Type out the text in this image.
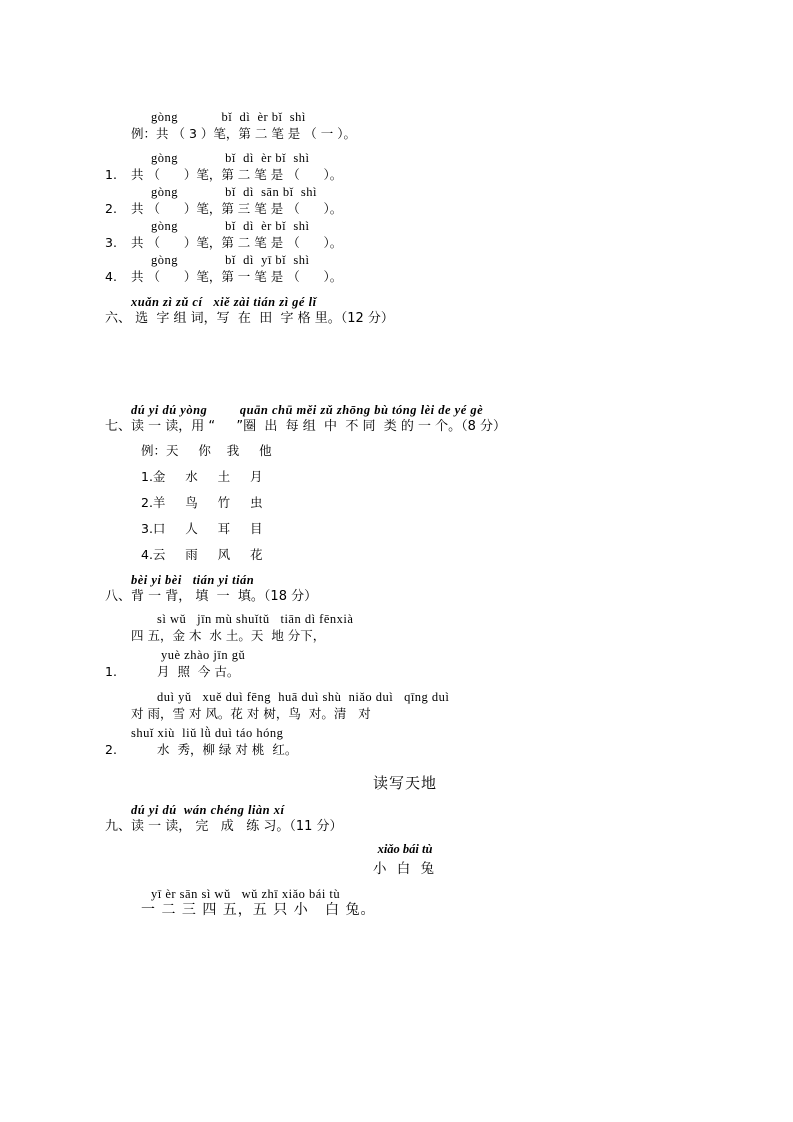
gòng            bǐ  dì  èr bǐ  shì
例：共 （ 3 ）笔，第 二 笔 是 （ 一 ）。
gòng             bǐ  dì  èr bǐ  shì
1.	共 （      ）笔，第 二 笔 是 （      ）。
gòng             bǐ  dì  sān bǐ  shì
2.	共 （      ）笔，第 三 笔 是 （      ）。
gòng             bǐ  dì  èr bǐ  shì
3.	共 （      ）笔，第 二 笔 是 （      ）。
gòng             bǐ  dì  yī bǐ  shì
4.	共 （      ）笔，第 一 笔 是 （      ）。
xuǎn zì zǔ cí   xiě zài tián zì gé lǐ
六、 选  字 组 词，写  在  田  字 格 里。（12 分）
dú yi dú yòng         quān chū měi zǔ zhōng bù tóng lèi de yé gè
七、读 一 读，用 “　  ”圈  出  每 组  中  不 同  类 的 一 个。（8 分）
例：天     你    我     他
1.金     水     土     月
2.羊     鸟     竹     虫
3.口     人     耳     目
4.云     雨     风     花
bèi yi bèi   tián yi tián
八、背 一 背， 填  一  填。（18 分）
1.
sì wǔ   jīn mù shuǐtǔ   tiān dì fēnxià
四 五，金 木  水 土。天  地 分下，
yuè zhào jīn gǔ
月  照  今 古。
2.
duì yǔ   xuě duì fēng  huā duì shù  niǎo duì   qīng duì
对 雨，雪 对 风。花 对 树，鸟  对。清   对
shuǐ xiù  liǔ lǜ duì táo hóng
水  秀，柳 绿 对 桃  红。
读写天地
dú yi dú  wán chéng liàn xí
九、读 一 读， 完   成   练 习。（11 分）
xiǎo bái tù
小 白 兔
yī èr sān sì wǔ   wǔ zhī xiǎo bái tù
一 二 三 四 五，五 只 小   白 兔。
